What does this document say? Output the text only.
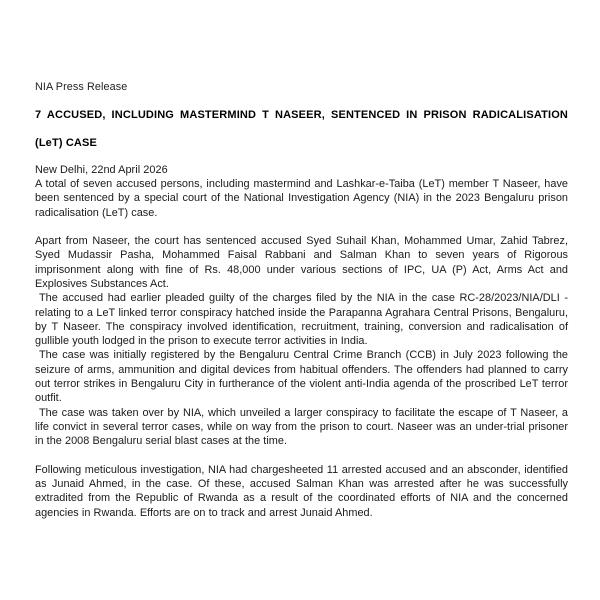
NIA Press Release
7 ACCUSED, INCLUDING MASTERMIND T NASEER, SENTENCED IN PRISON RADICALISATION
(LeT) CASE
New Delhi, 22nd April 2026

A total of seven accused persons, including mastermind and Lashkar-e-Taiba (LeT) member T Naseer, have been sentenced by a special court of the National Investigation Agency (NIA) in the 2023 Bengaluru prison radicalisation (LeT) case.

Apart from Naseer, the court has sentenced accused Syed Suhail Khan, Mohammed Umar, Zahid Tabrez, Syed Mudassir Pasha, Mohammed Faisal Rabbani and Salman Khan to seven years of Rigorous imprisonment along with fine of Rs. 48,000 under various sections of IPC, UA (P) Act, Arms Act and Explosives Substances Act.

The accused had earlier pleaded guilty of the charges filed by the NIA in the case RC-28/2023/NIA/DLI - relating to a LeT linked terror conspiracy hatched inside the Parapanna Agrahara Central Prisons, Bengaluru, by T Naseer. The conspiracy involved identification, recruitment, training, conversion and radicalisation of gullible youth lodged in the prison to execute terror activities in India.

The case was initially registered by the Bengaluru Central Crime Branch (CCB) in July 2023 following the seizure of arms, ammunition and digital devices from habitual offenders. The offenders had planned to carry out terror strikes in Bengaluru City in furtherance of the violent anti-India agenda of the proscribed LeT terror outfit.

The case was taken over by NIA, which unveiled a larger conspiracy to facilitate the escape of T Naseer, a life convict in several terror cases, while on way from the prison to court. Naseer was an under-trial prisoner in the 2008 Bengaluru serial blast cases at the time.

Following meticulous investigation, NIA had chargesheeted 11 arrested accused and an absconder, identified as Junaid Ahmed, in the case. Of these, accused Salman Khan was arrested after he was successfully extradited from the Republic of Rwanda as a result of the coordinated efforts of NIA and the concerned agencies in Rwanda. Efforts are on to track and arrest Junaid Ahmed.
